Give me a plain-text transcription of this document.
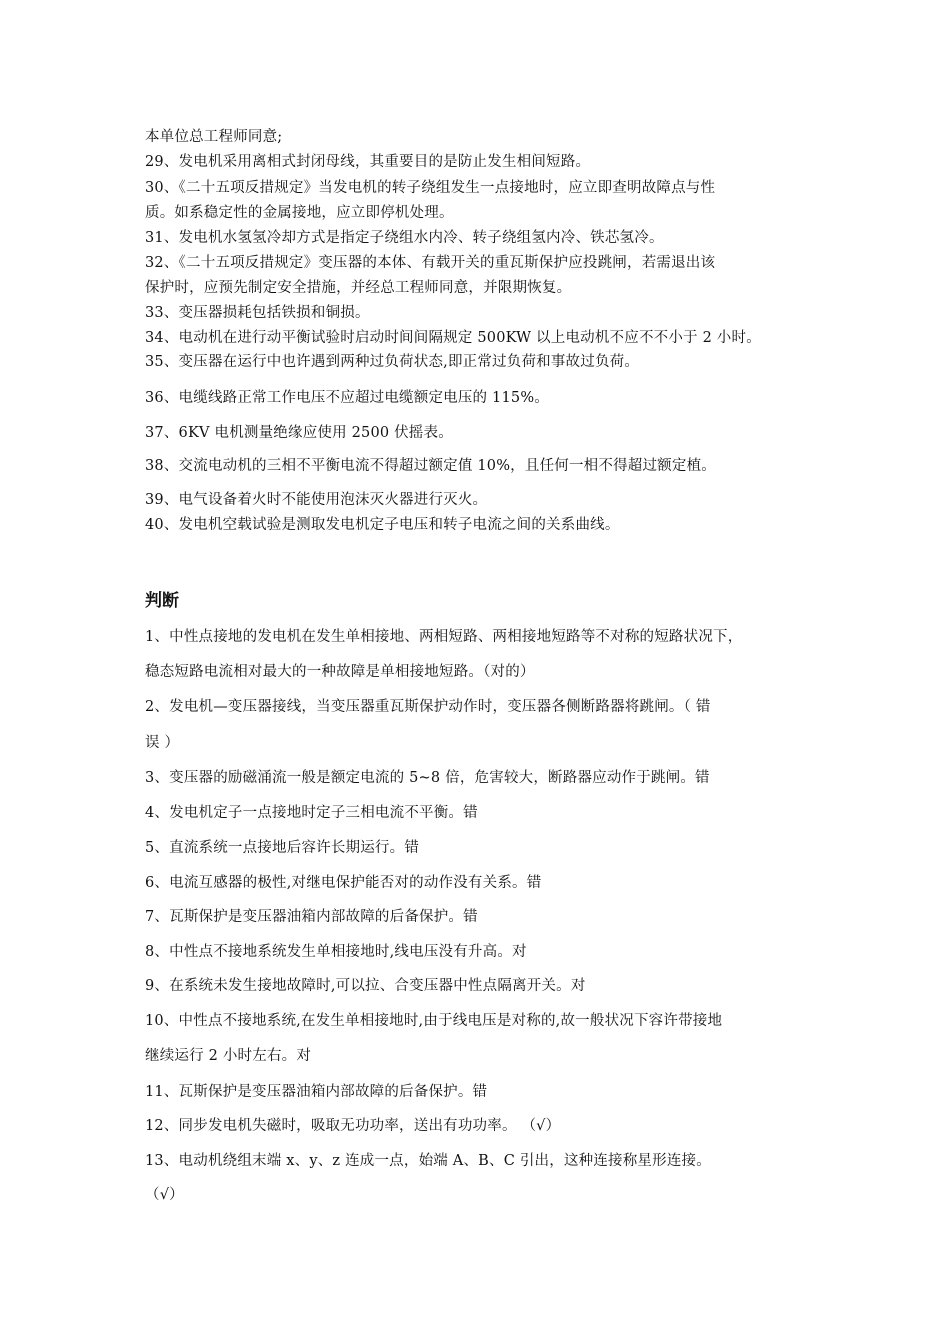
本单位总工程师同意;
29、发电机采用离相式封闭母线，其重要目的是防止发生相间短路。
30、《二十五项反措规定》当发电机的转子绕组发生一点接地时，应立即查明故障点与性
质。如系稳定性的金属接地，应立即停机处理。
31、发电机水氢氢冷却方式是指定子绕组水内冷、转子绕组氢内冷、铁芯氢冷。
32、《二十五项反措规定》变压器的本体、有载开关的重瓦斯保护应投跳闸，若需退出该
保护时，应预先制定安全措施，并经总工程师同意，并限期恢复。
33、变压器损耗包括铁损和铜损。
34、电动机在进行动平衡试验时启动时间间隔规定 500KW 以上电动机不应不不小于 2 小时。
35、变压器在运行中也许遇到两种过负荷状态,即正常过负荷和事故过负荷。
36、电缆线路正常工作电压不应超过电缆额定电压的 115%。
37、6KV 电机测量绝缘应使用 2500 伏摇表。
38、交流电动机的三相不平衡电流不得超过额定值 10%，且任何一相不得超过额定植。
39、电气设备着火时不能使用泡沫灭火器进行灭火。
40、发电机空载试验是测取发电机定子电压和转子电流之间的关系曲线。
判断
1、中性点接地的发电机在发生单相接地、两相短路、两相接地短路等不对称的短路状况下，
稳态短路电流相对最大的一种故障是单相接地短路。（对的）
2、发电机—变压器接线，当变压器重瓦斯保护动作时，变压器各侧断路器将跳闸。（ 错
误 ）
3、变压器的励磁涌流一般是额定电流的 5~8 倍，危害较大，断路器应动作于跳闸。错
4、发电机定子一点接地时定子三相电流不平衡。错
5、直流系统一点接地后容许长期运行。错
6、电流互感器的极性,对继电保护能否对的动作没有关系。错
7、瓦斯保护是变压器油箱内部故障的后备保护。错
8、中性点不接地系统发生单相接地时,线电压没有升高。对
9、在系统未发生接地故障时,可以拉、合变压器中性点隔离开关。对
10、中性点不接地系统,在发生单相接地时,由于线电压是对称的,故一般状况下容许带接地
继续运行 2 小时左右。对
11、瓦斯保护是变压器油箱内部故障的后备保护。错
12、同步发电机失磁时，吸取无功功率，送出有功功率。 （√）
13、电动机绕组末端 x、y、z 连成一点，始端 A、B、C 引出，这种连接称星形连接。
（√）
